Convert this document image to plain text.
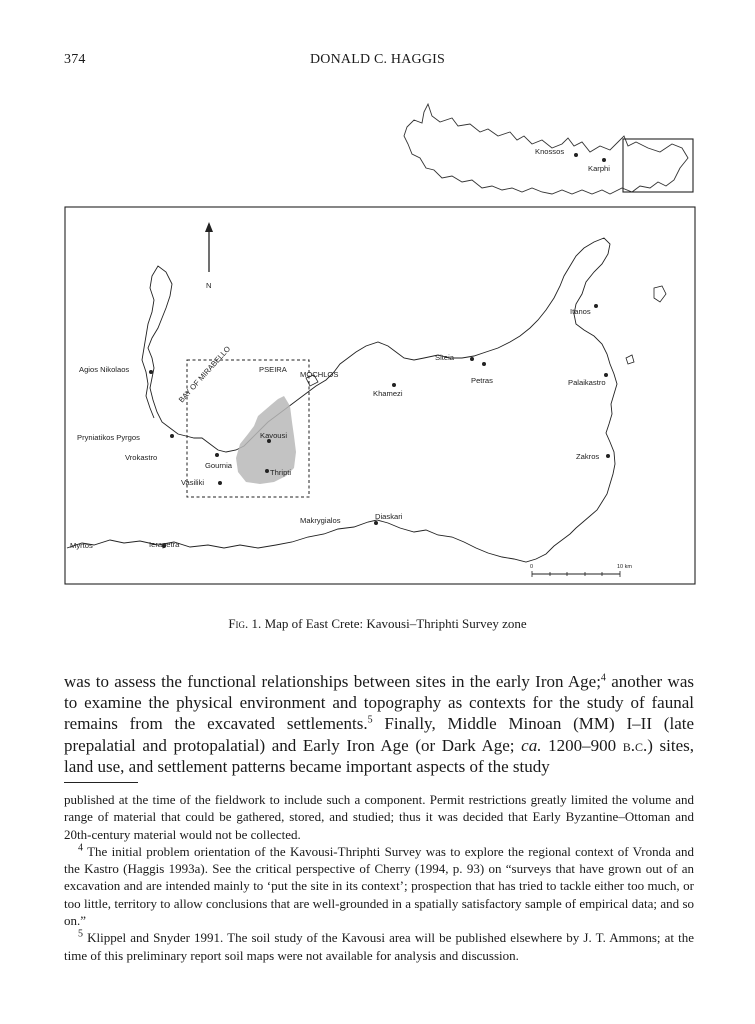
374	DONALD C. HAGGIS
Knossos
Karphi
N
Agios Nikolaos
Pryniatikos Pyrgos
Vrokastro
Gournia
Vasiliki
Kavousi
Thripti
PSEIRA
MOCHLOS
BAY OF MIRABELLO	Khamezi
Siteia
Petras
Itanos
Palaikastro
Zakros
Makrygialos	Diaskari
Myrtos	Ierapetra
0	10 km
Fig. 1. Map of East Crete: Kavousi–Thriphti Survey zone

was to assess the functional relationships between sites in the early Iron Age;$^4$ another was to examine the physical environment and topography as contexts for the study of faunal remains from the excavated settlements.$^5$ Finally, Middle Minoan (MM) I–II (late prepalatial and protopalatial) and Early Iron Age (or Dark Age; ca. 1200–900 b.c.) sites, land use, and settlement patterns became important aspects of the study

published at the time of the fieldwork to include such a component. Permit restrictions greatly limited the volume and range of material that could be gathered, stored, and studied; thus it was decided that Early Byzantine–Ottoman and 20th-century material would not be collected.

$^4$ The initial problem orientation of the Kavousi-Thriphti Survey was to explore the regional context of Vronda and the Kastro (Haggis 1993a). See the critical perspective of Cherry (1994, p. 93) on “surveys that have grown out of an excavation and are intended mainly to ‘put the site in its context’; prospection that has tried to tackle either too much, or too little, territory to allow conclusions that are well-grounded in a spatially satisfactory sample of empirical data; and so on.”

$^5$ Klippel and Snyder 1991. The soil study of the Kavousi area will be published elsewhere by J. T. Ammons; at the time of this preliminary report soil maps were not available for analysis and discussion.
